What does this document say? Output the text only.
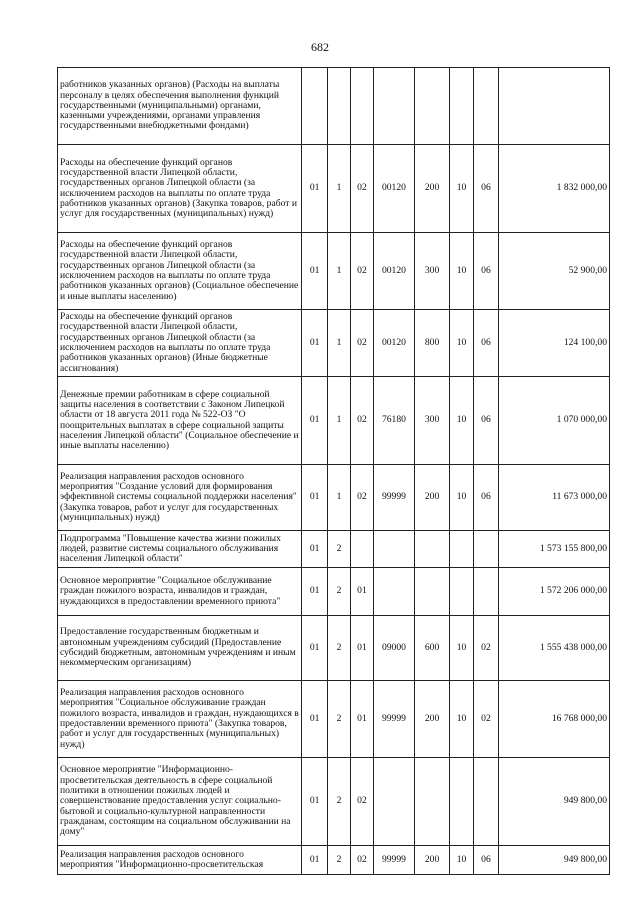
682
работников указанных органов) (Расходы на выплаты персоналу в целях обеспечения выполнения функций государственными (муниципальными) органами, казенными учреждениями, органами управления государственными внебюджетными фондами)								
Расходы на обеспечение функций органов государственной власти Липецкой области, государственных органов Липецкой области (за исключением расходов на выплаты по оплате труда работников указанных органов) (Закупка товаров, работ и услуг для государственных (муниципальных) нужд)	01	1	02	00120	200	10	06	1 832 000,00
Расходы на обеспечение функций органов государственной власти Липецкой области, государственных органов Липецкой области (за исключением расходов на выплаты по оплате труда работников указанных органов) (Социальное обеспечение и иные выплаты населению)	01	1	02	00120	300	10	06	52 900,00
Расходы на обеспечение функций органов государственной власти Липецкой области, государственных органов Липецкой области (за исключением расходов на выплаты по оплате труда работников указанных органов) (Иные бюджетные ассигнования)	01	1	02	00120	800	10	06	124 100,00
Денежные премии работникам в сфере социальной защиты населения в соответствии с Законом Липецкой области от 18 августа 2011 года № 522-ОЗ "О поощрительных выплатах в сфере социальной защиты населения Липецкой области" (Социальное обеспечение и иные выплаты населению)	01	1	02	76180	300	10	06	1 070 000,00
Реализация направления расходов основного мероприятия "Создание условий для формирования эффективной системы социальной поддержки населения" (Закупка товаров, работ и услуг для государственных (муниципальных) нужд)	01	1	02	99999	200	10	06	11 673 000,00
Подпрограмма "Повышение качества жизни пожилых людей, развитие системы социального обслуживания населения Липецкой области"	01	2						1 573 155 800,00
Основное мероприятие "Социальное обслуживание граждан пожилого возраста, инвалидов и граждан, нуждающихся в предоставлении временного приюта"	01	2	01					1 572 206 000,00
Предоставление государственным бюджетным и автономным учреждениям субсидий (Предоставление субсидий бюджетным, автономным учреждениям и иным некоммерческим организациям)	01	2	01	09000	600	10	02	1 555 438 000,00
Реализация направления расходов основного мероприятия "Социальное обслуживание граждан пожилого возраста, инвалидов и граждан, нуждающихся в предоставлении временного приюта" (Закупка товаров, работ и услуг для государственных (муниципальных) нужд)	01	2	01	99999	200	10	02	16 768 000,00
Основное мероприятие "Информационно-просветительская деятельность в сфере социальной политики в отношении пожилых людей и совершенствование предоставления услуг социально-бытовой и социально-культурной направленности гражданам, состоящим на социальном обслуживании на дому"	01	2	02					949 800,00
Реализация направления расходов основного мероприятия "Информационно-просветительская	01	2	02	99999	200	10	06	949 800,00
